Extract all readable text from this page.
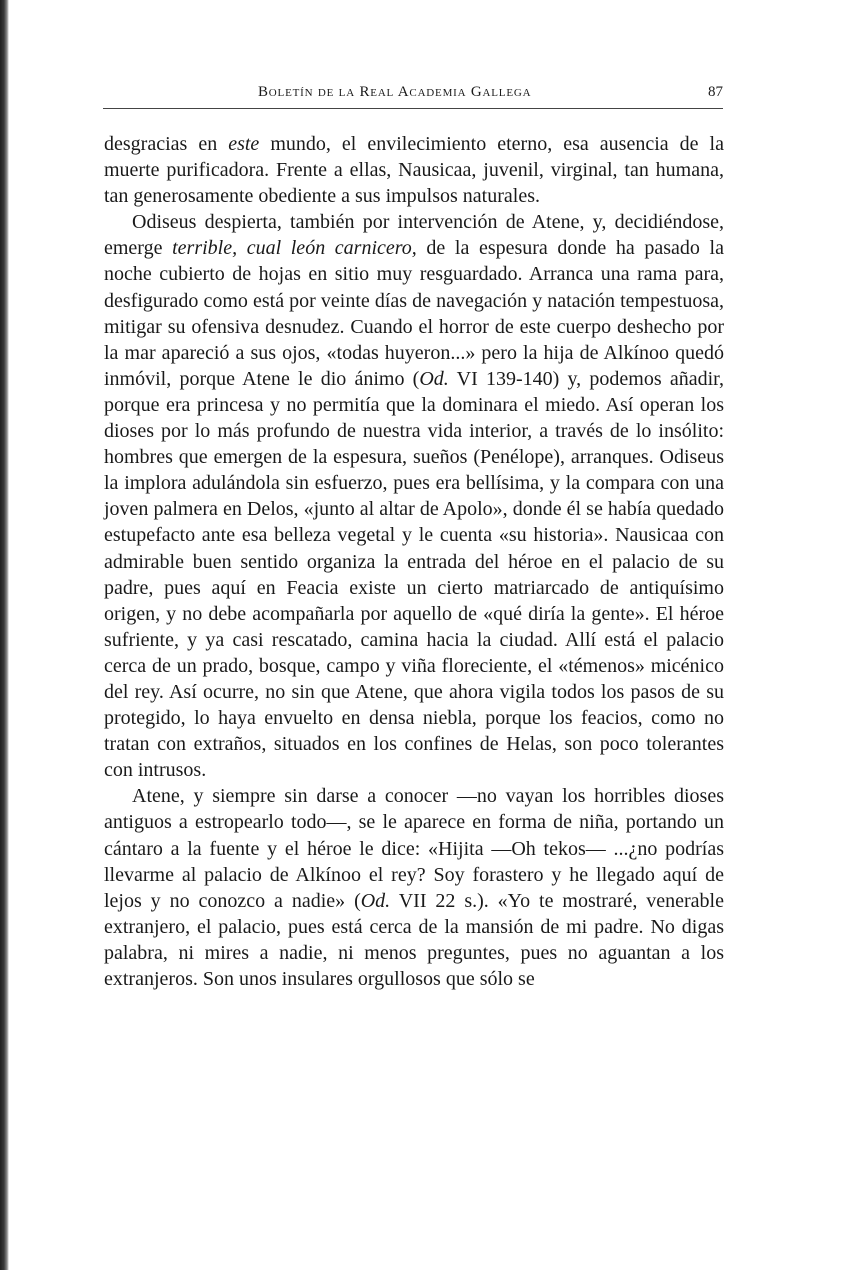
Boletín de la Real Academia Gallega	87

desgracias en este mundo, el envilecimiento eterno, esa ausencia de la muerte purificadora. Frente a ellas, Nausicaa, juvenil, virginal, tan humana, tan generosamente obediente a sus impulsos naturales.

Odiseus despierta, también por intervención de Atene, y, decidiéndose, emerge terrible, cual león carnicero, de la espesura donde ha pasado la noche cubierto de hojas en sitio muy resguardado. Arranca una rama para, desfigurado como está por veinte días de navegación y natación tempestuosa, mitigar su ofensiva desnudez. Cuando el horror de este cuerpo deshecho por la mar apareció a sus ojos, «todas huyeron...» pero la hija de Alkínoo quedó inmóvil, porque Atene le dio ánimo (Od. VI 139-140) y, podemos añadir, porque era princesa y no permitía que la dominara el miedo. Así operan los dioses por lo más profundo de nuestra vida interior, a través de lo insólito: hombres que emergen de la espesura, sueños (Penélope), arranques. Odiseus la implora adulándola sin esfuerzo, pues era bellísima, y la compara con una joven palmera en Delos, «junto al altar de Apolo», donde él se había quedado estupefacto ante esa belleza vegetal y le cuenta «su historia». Nausicaa con admirable buen sentido organiza la entrada del héroe en el palacio de su padre, pues aquí en Feacia existe un cierto matriarcado de antiquísimo origen, y no debe acompañarla por aquello de «qué diría la gente». El héroe sufriente, y ya casi rescatado, camina hacia la ciudad. Allí está el palacio cerca de un prado, bosque, campo y viña floreciente, el «témenos» micénico del rey. Así ocurre, no sin que Atene, que ahora vigila todos los pasos de su protegido, lo haya envuelto en densa niebla, porque los feacios, como no tratan con extraños, situados en los confines de Helas, son poco tolerantes con intrusos.

Atene, y siempre sin darse a conocer —no vayan los horribles dioses antiguos a estropearlo todo—, se le aparece en forma de niña, portando un cántaro a la fuente y el héroe le dice: «Hijita —Oh tekos— ...¿no podrías llevarme al palacio de Alkínoo el rey? Soy forastero y he llegado aquí de lejos y no conozco a nadie» (Od. VII 22 s.). «Yo te mostraré, venerable extranjero, el palacio, pues está cerca de la mansión de mi padre. No digas palabra, ni mires a nadie, ni menos preguntes, pues no aguantan a los extranjeros. Son unos insulares orgullosos que sólo se
